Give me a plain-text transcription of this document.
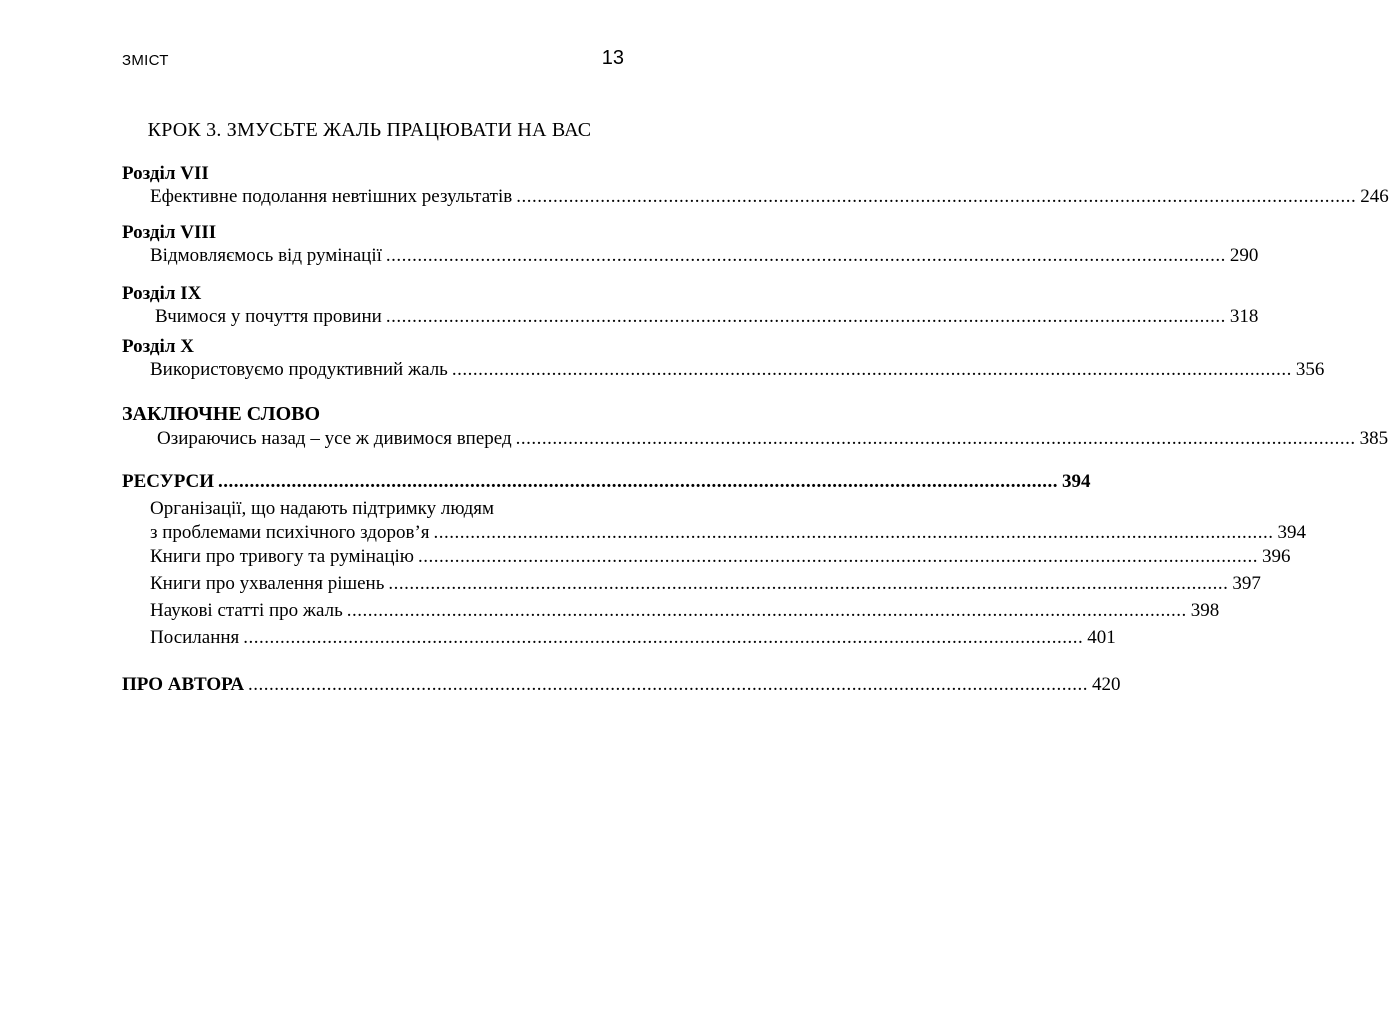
ЗМІСТ	13
КРОК 3. ЗМУСЬТЕ ЖАЛЬ ПРАЦЮВАТИ НА ВАС
Розділ VII
Ефективне подолання невтішних результатів ................................................................................................................................................................ 246
Розділ VIII
Відмовляємось від румінації ................................................................................................................................................................ 290
Розділ IX
Вчимося у почуття провини ................................................................................................................................................................ 318
Розділ X
Використовуємо продуктивний жаль ................................................................................................................................................................ 356
ЗАКЛЮЧНЕ СЛОВО
Озираючись назад – усе ж дивимося вперед ................................................................................................................................................................ 385
РЕСУРСИ ................................................................................................................................................................ 394
Організації, що надають підтримку людям
з проблемами психічного здоров’я ................................................................................................................................................................ 394
Книги про тривогу та румінацію ................................................................................................................................................................ 396
Книги про ухвалення рішень ................................................................................................................................................................ 397
Наукові статті про жаль ................................................................................................................................................................ 398
Посилання ................................................................................................................................................................ 401
ПРО АВТОРА ................................................................................................................................................................ 420
